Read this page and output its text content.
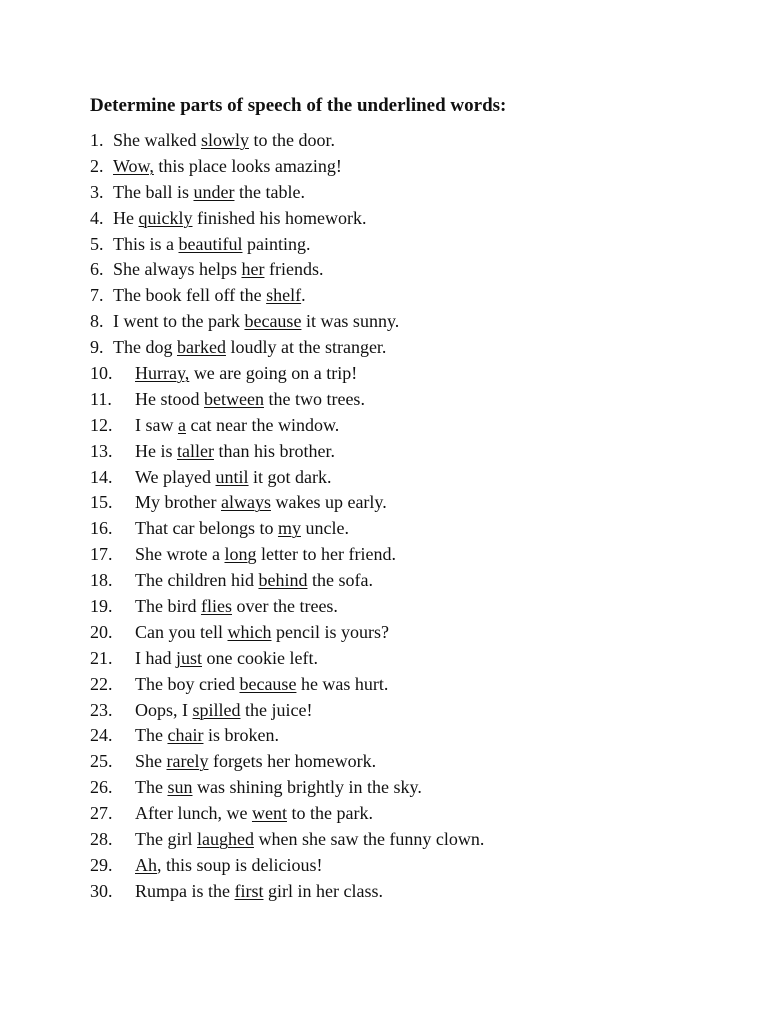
Determine parts of speech of the underlined words:
1. She walked slowly to the door.
2. Wow, this place looks amazing!
3. The ball is under the table.
4. He quickly finished his homework.
5. This is a beautiful painting.
6. She always helps her friends.
7. The book fell off the shelf.
8. I went to the park because it was sunny.
9. The dog barked loudly at the stranger.
10.	Hurray, we are going on a trip!
11.	He stood between the two trees.
12.	I saw a cat near the window.
13.	He is taller than his brother.
14.	We played until it got dark.
15.	My brother always wakes up early.
16.	That car belongs to my uncle.
17.	She wrote a long letter to her friend.
18.	The children hid behind the sofa.
19.	The bird flies over the trees.
20.	Can you tell which pencil is yours?
21.	I had just one cookie left.
22.	The boy cried because he was hurt.
23.	Oops, I spilled the juice!
24.	The chair is broken.
25.	She rarely forgets her homework.
26.	The sun was shining brightly in the sky.
27.	After lunch, we went to the park.
28.	The girl laughed when she saw the funny clown.
29.	Ah, this soup is delicious!
30.	Rumpa is the first girl in her class.
